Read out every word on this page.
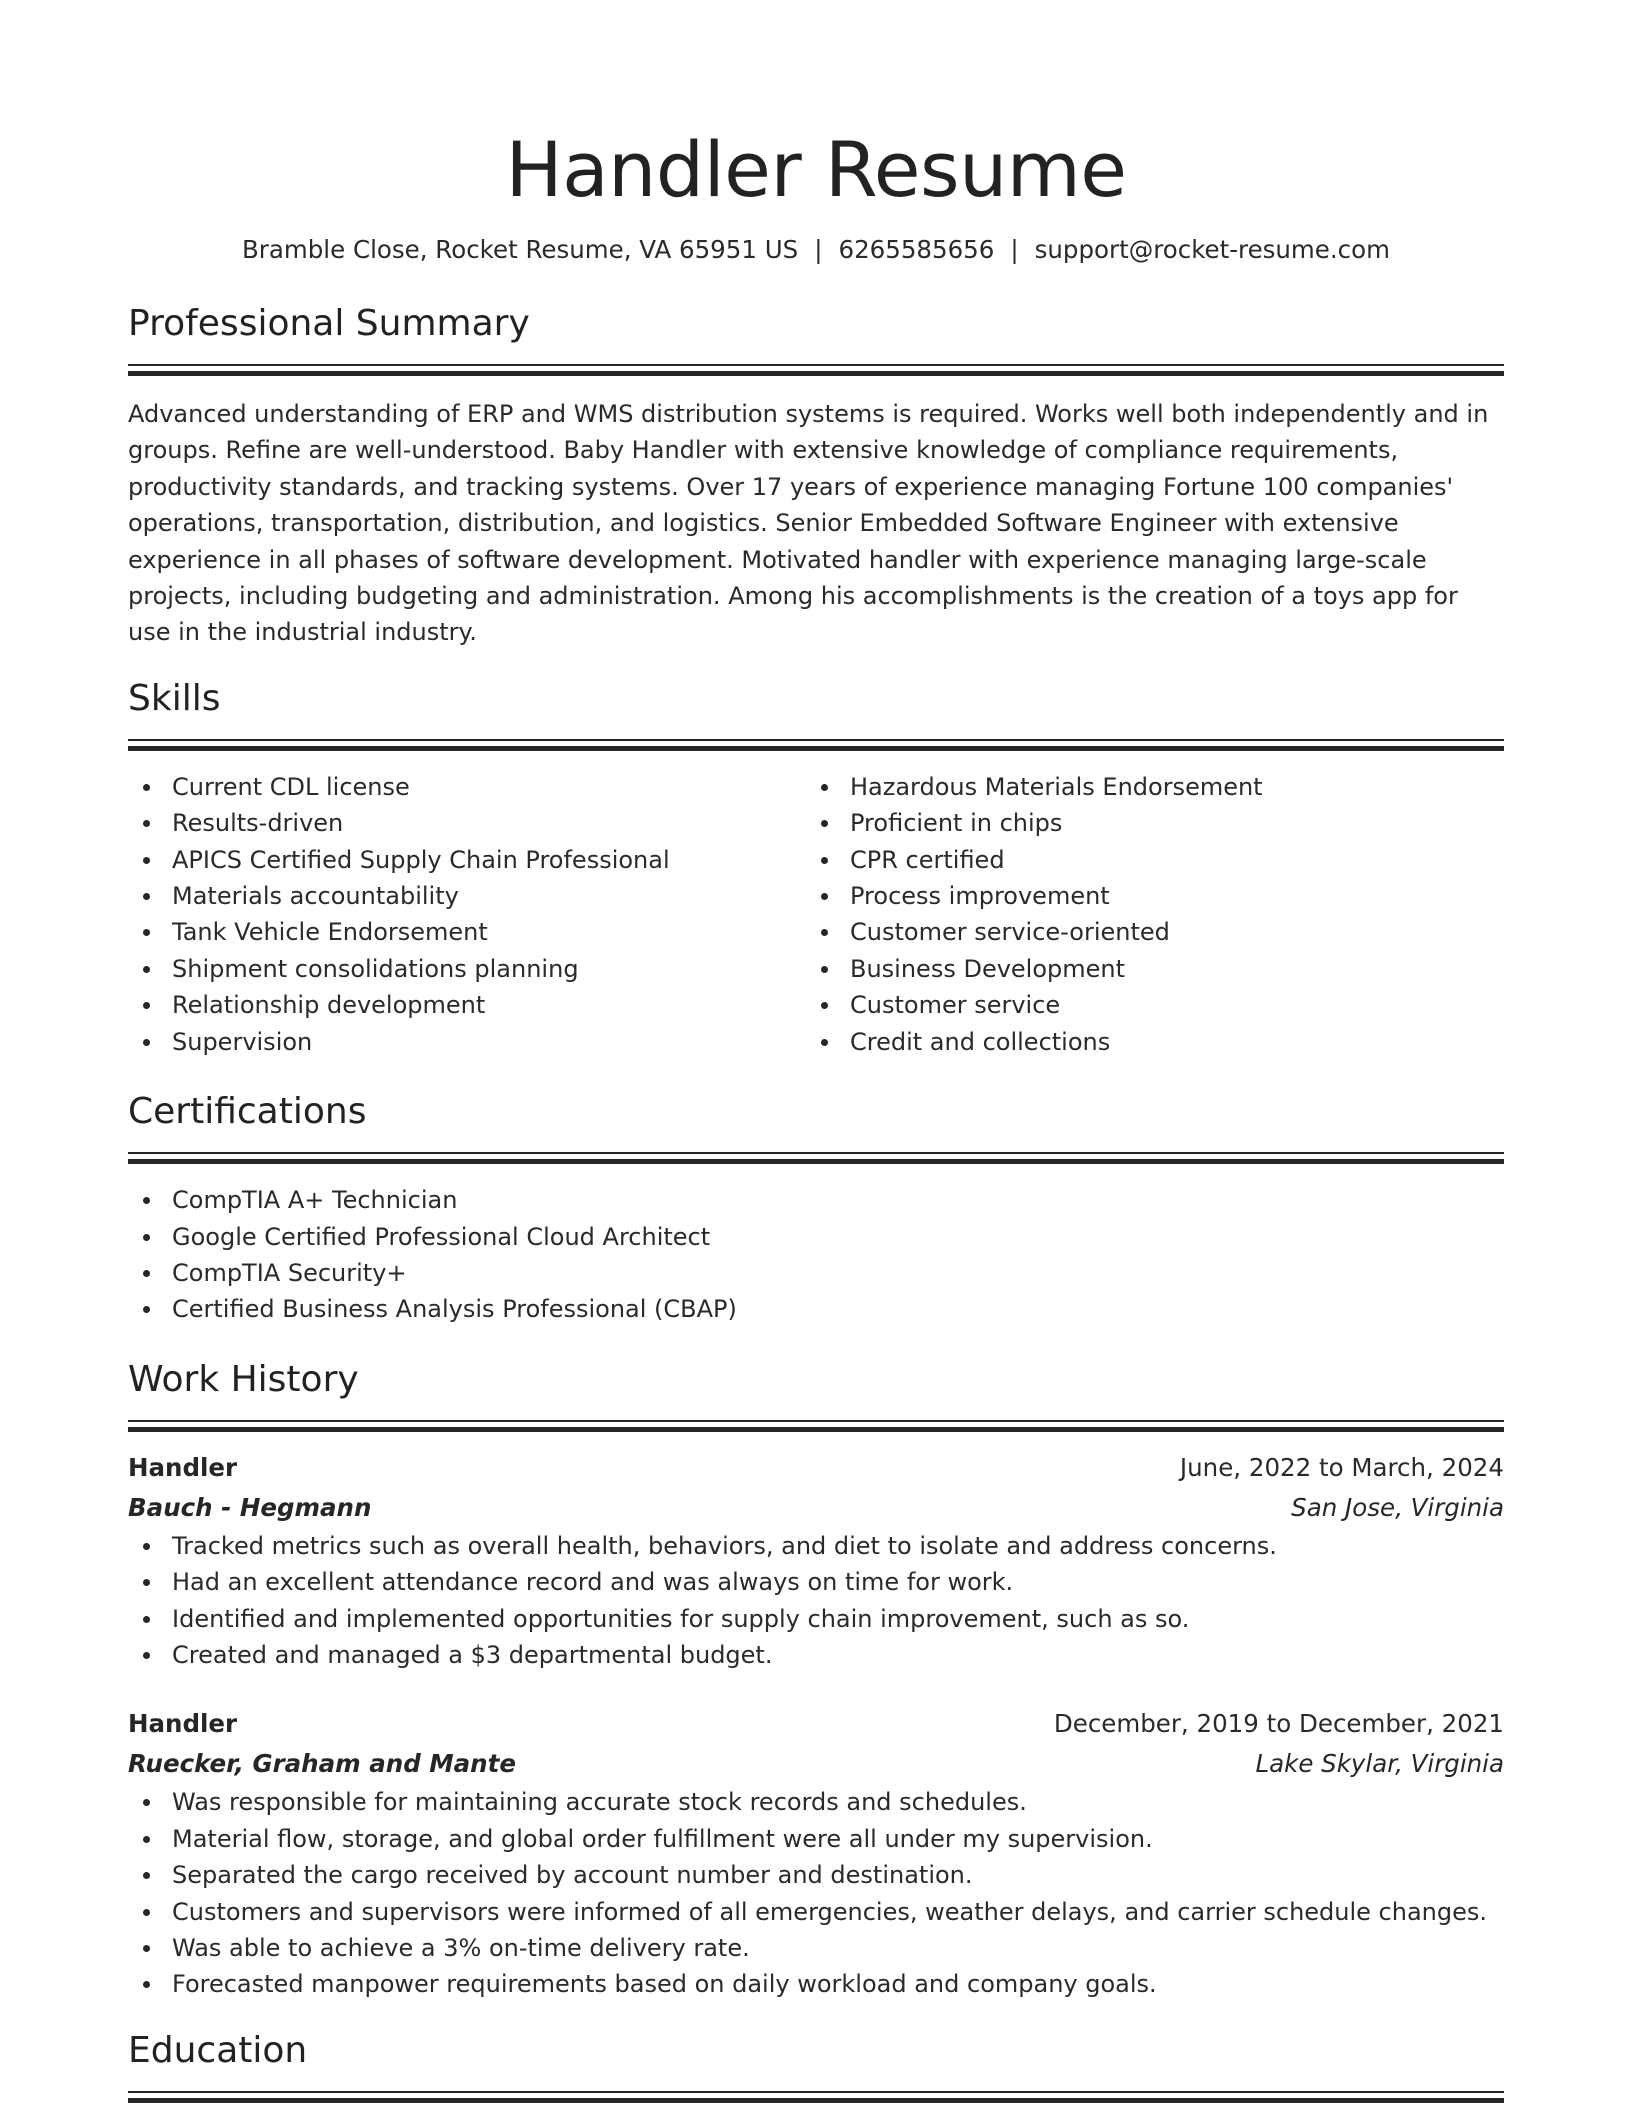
Handler Resume
Bramble Close, Rocket Resume, VA 65951 US | 6265585656 | support@rocket-resume.com
Professional Summary

Advanced understanding of ERP and WMS distribution systems is required. Works well both independently and in groups. Refine are well-understood. Baby Handler with extensive knowledge of compliance requirements, productivity standards, and tracking systems. Over 17 years of experience managing Fortune 100 companies' operations, transportation, distribution, and logistics. Senior Embedded Software Engineer with extensive experience in all phases of software development. Motivated handler with experience managing large-scale projects, including budgeting and administration. Among his accomplishments is the creation of a toys app for use in the industrial industry.

Skills
Current CDL license
Results-driven
APICS Certified Supply Chain Professional
Materials accountability
Tank Vehicle Endorsement
Shipment consolidations planning
Relationship development
Supervision
Hazardous Materials Endorsement
Proficient in chips
CPR certified
Process improvement
Customer service-oriented
Business Development
Customer service
Credit and collections
Certifications
CompTIA A+ Technician
Google Certified Professional Cloud Architect
CompTIA Security+
Certified Business Analysis Professional (CBAP)
Work History
Handler	June, 2022 to March, 2024
Bauch - Hegmann	San Jose, Virginia
Tracked metrics such as overall health, behaviors, and diet to isolate and address concerns.
Had an excellent attendance record and was always on time for work.
Identified and implemented opportunities for supply chain improvement, such as so.
Created and managed a $3 departmental budget.
Handler	December, 2019 to December, 2021
Ruecker, Graham and Mante	Lake Skylar, Virginia
Was responsible for maintaining accurate stock records and schedules.
Material flow, storage, and global order fulfillment were all under my supervision.
Separated the cargo received by account number and destination.
Customers and supervisors were informed of all emergencies, weather delays, and carrier schedule changes.
Was able to achieve a 3% on-time delivery rate.
Forecasted manpower requirements based on daily workload and company goals.
Education
